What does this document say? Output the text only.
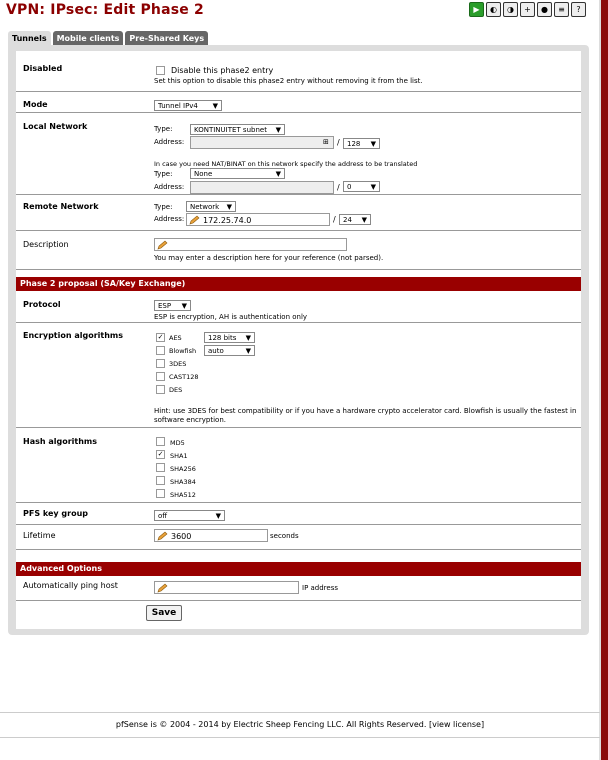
VPN: IPsec: Edit Phase 2	▶	◐	◑	+	●	≡	?
Tunnels	Mobile clients	Pre-Shared Keys
Disabled	Disable this phase2 entry
Set this option to disable this phase2 entry without removing it from the list.
Mode	Tunnel IPv4 ▼
Local Network	Type:	KONTINUITET subnet ▼
Address:	⊞ /	128 ▼
In case you need NAT/BINAT on this network specify the address to be translated
Type:	None ▼
Address:	/	0 ▼
Remote Network	Type:	Network ▼
Address:	172.25.74.0	/	24 ▼
Description
You may enter a description here for your reference (not parsed).
Phase 2 proposal (SA/Key Exchange)
Protocol	ESP ▼
ESP is encryption, AH is authentication only
Encryption algorithms	✓ AES	128 bits ▼
Blowfish	auto ▼
3DES
CAST128
DES
Hint: use 3DES for best compatibility or if you have a hardware crypto accelerator card. Blowfish is usually the fastest in software encryption.
Hash algorithms	MD5
✓ SHA1
SHA256
SHA384
SHA512
PFS key group	off ▼
Lifetime	3600	seconds
Advanced Options
Automatically ping host	IP address
Save
pfSense is © 2004 - 2014 by Electric Sheep Fencing LLC. All Rights Reserved. [view license]
